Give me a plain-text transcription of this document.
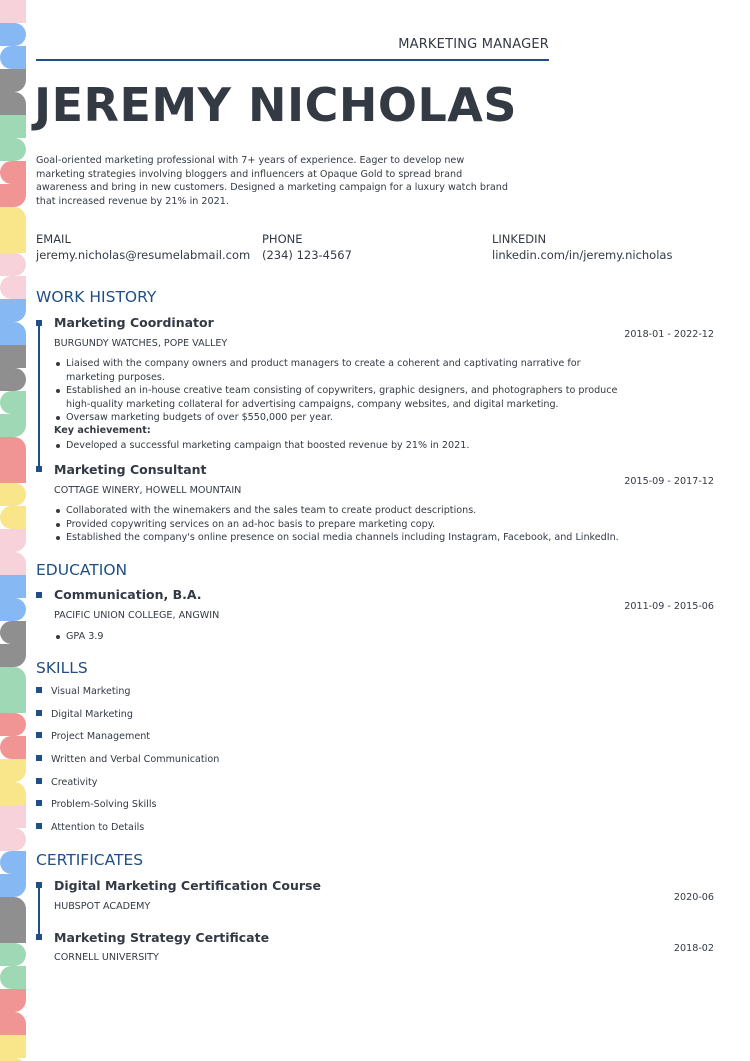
MARKETING MANAGER
JEREMY NICHOLAS
Goal-oriented marketing professional with 7+ years of experience. Eager to develop new marketing strategies involving bloggers and influencers at Opaque Gold to spread brand awareness and bring in new customers. Designed a marketing campaign for a luxury watch brand that increased revenue by 21% in 2021.
EMAIL
jeremy.nicholas@resumelabmail.com
PHONE
(234) 123-4567
LINKEDIN
linkedin.com/in/jeremy.nicholas
WORK HISTORY
Marketing Coordinator
BURGUNDY WATCHES, POPE VALLEY
2018-01 - 2022-12
Liaised with the company owners and product managers to create a coherent and captivating narrative for marketing purposes.
Established an in-house creative team consisting of copywriters, graphic designers, and photographers to produce high-quality marketing collateral for advertising campaigns, company websites, and digital marketing.
Oversaw marketing budgets of over $550,000 per year.
Key achievement:
Developed a successful marketing campaign that boosted revenue by 21% in 2021.
Marketing Consultant
COTTAGE WINERY, HOWELL MOUNTAIN
2015-09 - 2017-12
Collaborated with the winemakers and the sales team to create product descriptions.
Provided copywriting services on an ad-hoc basis to prepare marketing copy.
Established the company's online presence on social media channels including Instagram, Facebook, and LinkedIn.
EDUCATION
Communication, B.A.
PACIFIC UNION COLLEGE, ANGWIN
2011-09 - 2015-06
GPA 3.9
SKILLS
Visual Marketing
Digital Marketing
Project Management
Written and Verbal Communication
Creativity
Problem-Solving Skills
Attention to Details
CERTIFICATES
Digital Marketing Certification Course
HUBSPOT ACADEMY
2020-06
Marketing Strategy Certificate
CORNELL UNIVERSITY
2018-02
